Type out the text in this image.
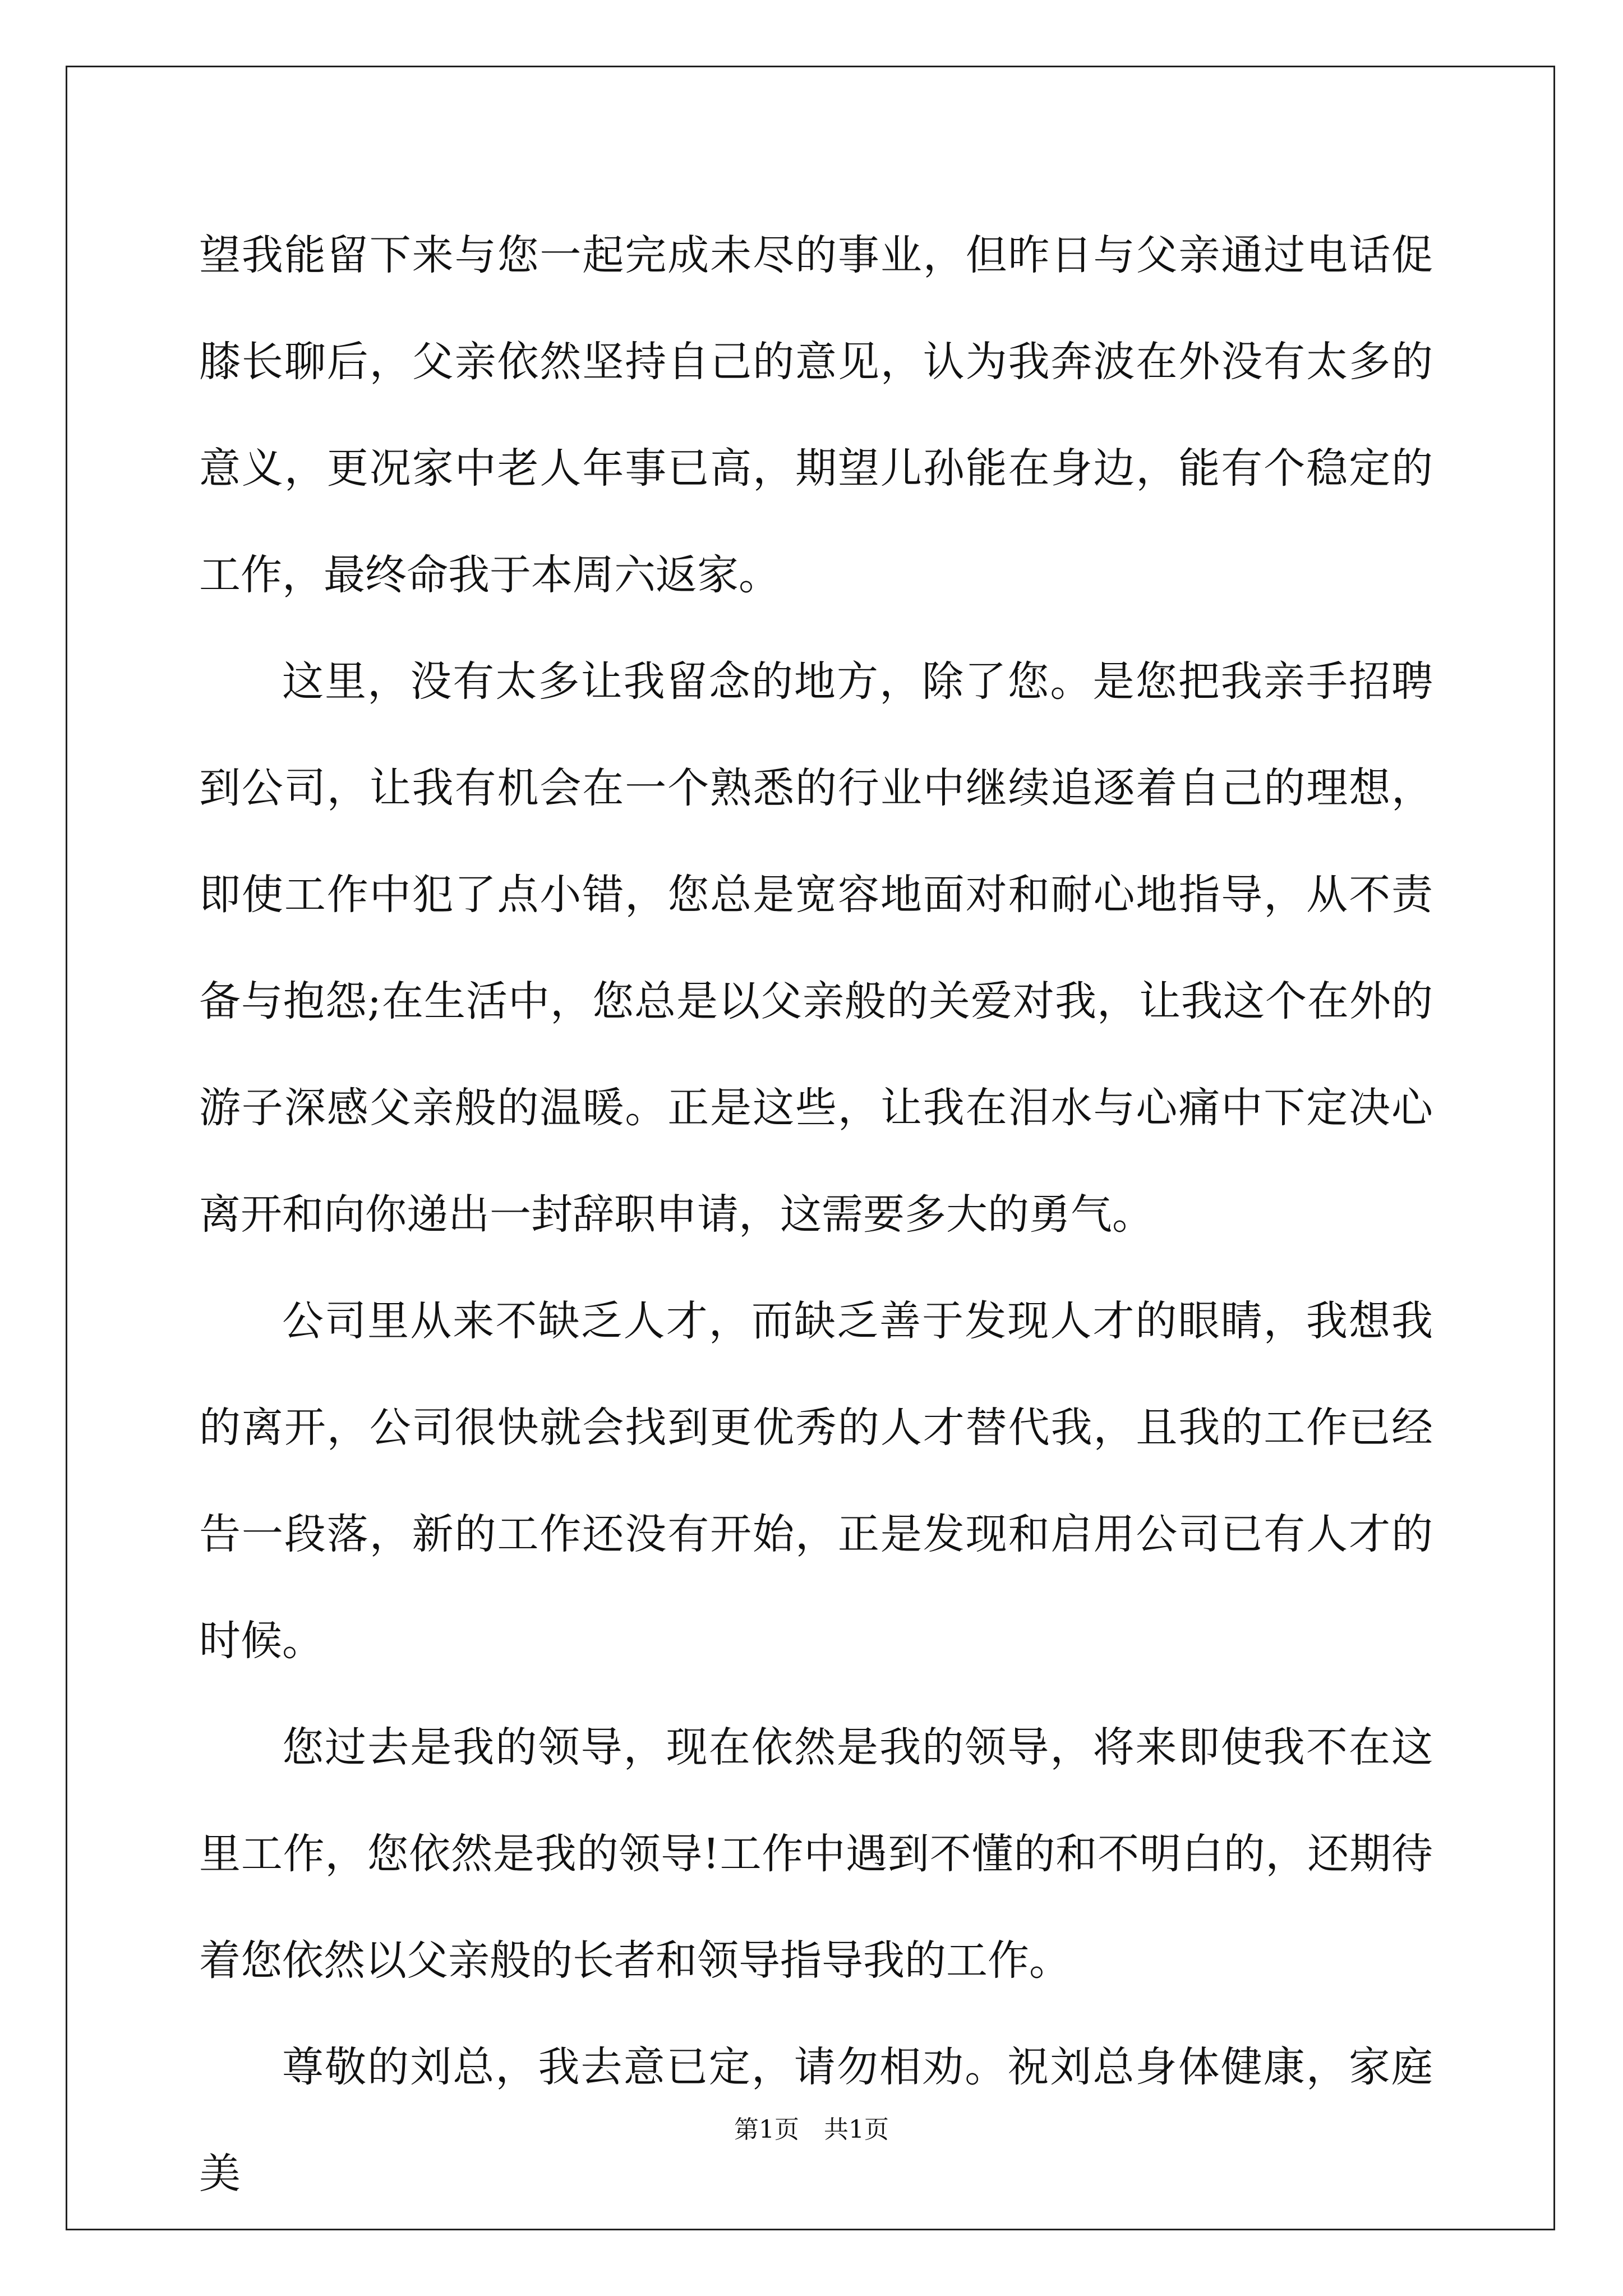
望我能留下来与您一起完成未尽的事业，但昨日与父亲通过电话促膝长聊后，父亲依然坚持自己的意见，认为我奔波在外没有太多的意义，更况家中老人年事已高，期望儿孙能在身边，能有个稳定的工作，最终命我于本周六返家。

这里，没有太多让我留念的地方，除了您。是您把我亲手招聘到公司，让我有机会在一个熟悉的行业中继续追逐着自己的理想，即使工作中犯了点小错，您总是宽容地面对和耐心地指导，从不责备与抱怨;在生活中，您总是以父亲般的关爱对我，让我这个在外的游子深感父亲般的温暖。正是这些，让我在泪水与心痛中下定决心离开和向你递出一封辞职申请，这需要多大的勇气。

公司里从来不缺乏人才，而缺乏善于发现人才的眼睛，我想我的离开，公司很快就会找到更优秀的人才替代我，且我的工作已经告一段落，新的工作还没有开始，正是发现和启用公司已有人才的时候。

您过去是我的领导，现在依然是我的领导，将来即使我不在这里工作，您依然是我的领导!工作中遇到不懂的和不明白的，还期待着您依然以父亲般的长者和领导指导我的工作。

尊敬的刘总，我去意已定，请勿相劝。祝刘总身体健康，家庭美

第1页　共1页
